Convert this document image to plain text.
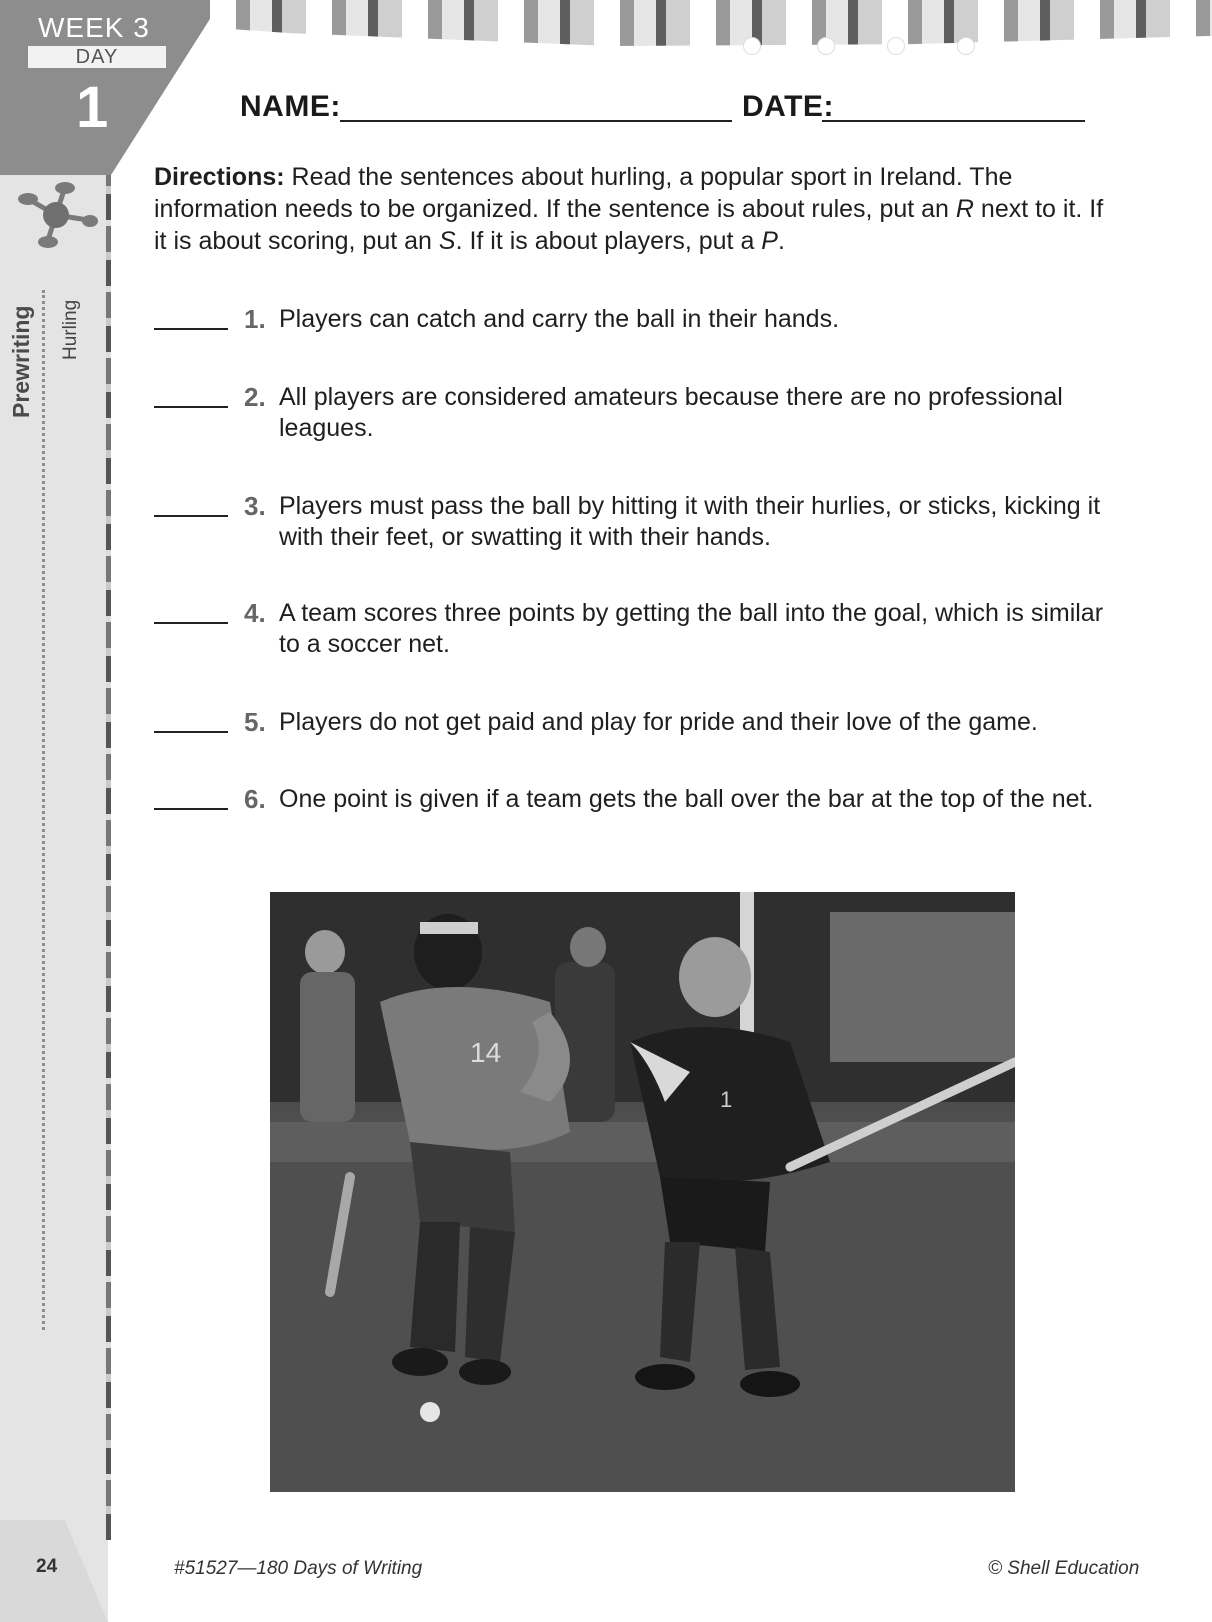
WEEK 3
DAY
1
Prewriting Hurling
NAME:	DATE:
Directions: Read the sentences about hurling, a popular sport in Ireland. The information needs to be organized. If the sentence is about rules, put an R next to it. If it is about scoring, put an S. If it is about players, put a P.
1. Players can catch and carry the ball in their hands.
2. All players are considered amateurs because there are no professional leagues.
3. Players must pass the ball by hitting it with their hurlies, or sticks, kicking it with their feet, or swatting it with their hands.
4. A team scores three points by getting the ball into the goal, which is similar to a soccer net.
5. Players do not get paid and play for pride and their love of the game.
6. One point is given if a team gets the ball over the bar at the top of the net.
14
1
24	#51527—180 Days of Writing	© Shell Education
